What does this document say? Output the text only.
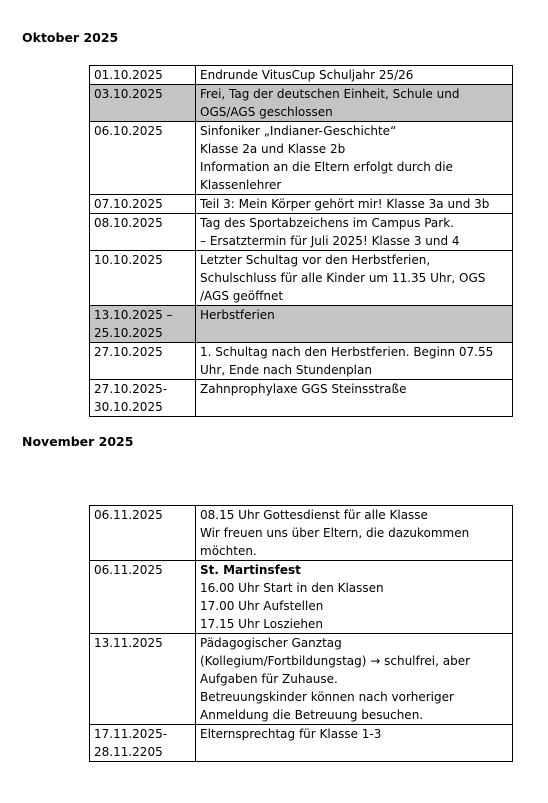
Oktober 2025
01.10.2025	Endrunde VitusCup Schuljahr 25/26

03.10.2025	Frei, Tag der deutschen Einheit, Schule und
OGS/AGS geschlossen

06.10.2025	Sinfoniker „Indianer-Geschichte“
Klasse 2a und Klasse 2b
Information an die Eltern erfolgt durch die
Klassenlehrer

07.10.2025	Teil 3: Mein Körper gehört mir! Klasse 3a und 3b

08.10.2025	Tag des Sportabzeichens im Campus Park.
– Ersatztermin für Juli 2025! Klasse 3 und 4

10.10.2025	Letzter Schultag vor den Herbstferien,
Schulschluss für alle Kinder um 11.35 Uhr, OGS
/AGS geöffnet

13.10.2025 –
25.10.2025	Herbstferien

27.10.2025	1. Schultag nach den Herbstferien. Beginn 07.55
Uhr, Ende nach Stundenplan

27.10.2025-
30.10.2025	Zahnprophylaxe GGS Steinsstraße
November 2025
06.11.2025	08.15 Uhr Gottesdienst für alle Klasse
Wir freuen uns über Eltern, die dazukommen
möchten.

06.11.2025	St. Martinsfest
16.00 Uhr Start in den Klassen
17.00 Uhr Aufstellen
17.15 Uhr Losziehen

13.11.2025	Pädagogischer Ganztag
(Kollegium/Fortbildungstag) → schulfrei, aber
Aufgaben für Zuhause.
Betreuungskinder können nach vorheriger
Anmeldung die Betreuung besuchen.

17.11.2025-
28.11.2205	Elternsprechtag für Klasse 1-3
